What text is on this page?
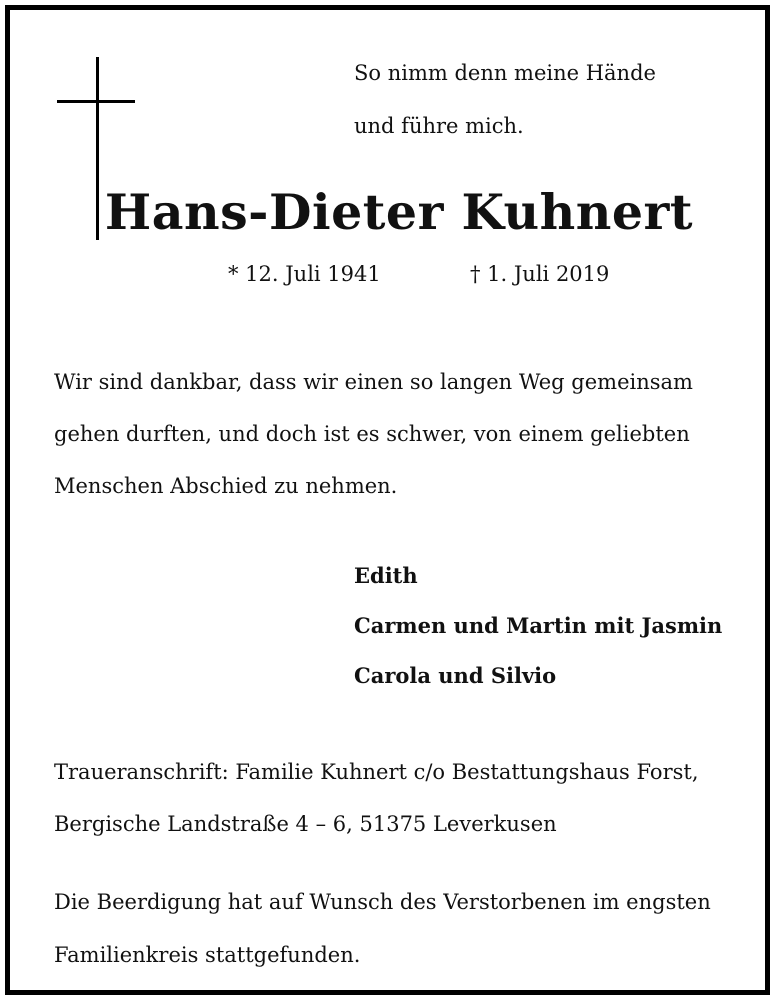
So nimm denn meine Hände
und führe mich.
Hans-Dieter Kuhnert
* 12. Juli 1941	† 1. Juli 2019
Wir sind dankbar, dass wir einen so langen Weg gemeinsam
gehen durften, und doch ist es schwer, von einem geliebten
Menschen Abschied zu nehmen.
Edith
Carmen und Martin mit Jasmin
Carola und Silvio
Traueranschrift: Familie Kuhnert c/o Bestattungshaus Forst,
Bergische Landstraße 4 – 6, 51375 Leverkusen
Die Beerdigung hat auf Wunsch des Verstorbenen im engsten
Familienkreis stattgefunden.
